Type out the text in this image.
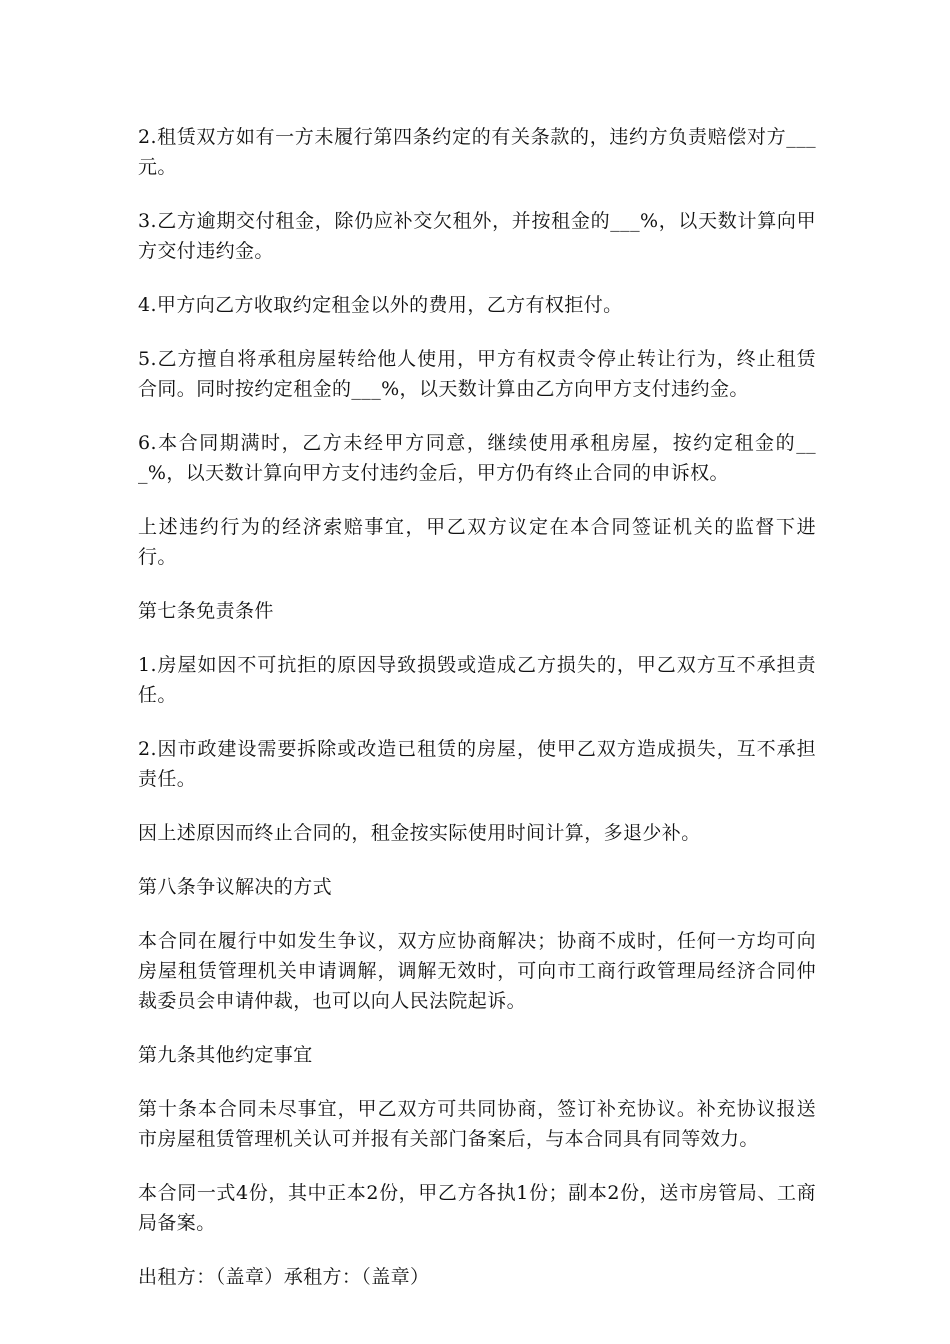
2.租赁双方如有一方未履行第四条约定的有关条款的，违约方负责赔偿对方___元。

3.乙方逾期交付租金，除仍应补交欠租外，并按租金的___%，以天数计算向甲方交付违约金。

4.甲方向乙方收取约定租金以外的费用，乙方有权拒付。

5.乙方擅自将承租房屋转给他人使用，甲方有权责令停止转让行为，终止租赁合同。同时按约定租金的___%，以天数计算由乙方向甲方支付违约金。

6.本合同期满时，乙方未经甲方同意，继续使用承租房屋，按约定租金的___%，以天数计算向甲方支付违约金后，甲方仍有终止合同的申诉权。

上述违约行为的经济索赔事宜，甲乙双方议定在本合同签证机关的监督下进行。

第七条免责条件

1.房屋如因不可抗拒的原因导致损毁或造成乙方损失的，甲乙双方互不承担责任。

2.因市政建设需要拆除或改造已租赁的房屋，使甲乙双方造成损失，互不承担责任。

因上述原因而终止合同的，租金按实际使用时间计算，多退少补。

第八条争议解决的方式

本合同在履行中如发生争议，双方应协商解决；协商不成时，任何一方均可向房屋租赁管理机关申请调解，调解无效时，可向市工商行政管理局经济合同仲裁委员会申请仲裁，也可以向人民法院起诉。

第九条其他约定事宜

第十条本合同未尽事宜，甲乙双方可共同协商，签订补充协议。补充协议报送市房屋租赁管理机关认可并报有关部门备案后，与本合同具有同等效力。

本合同一式4份，其中正本2份，甲乙方各执1份；副本2份，送市房管局、工商局备案。

出租方：（盖章）承租方：（盖章）
